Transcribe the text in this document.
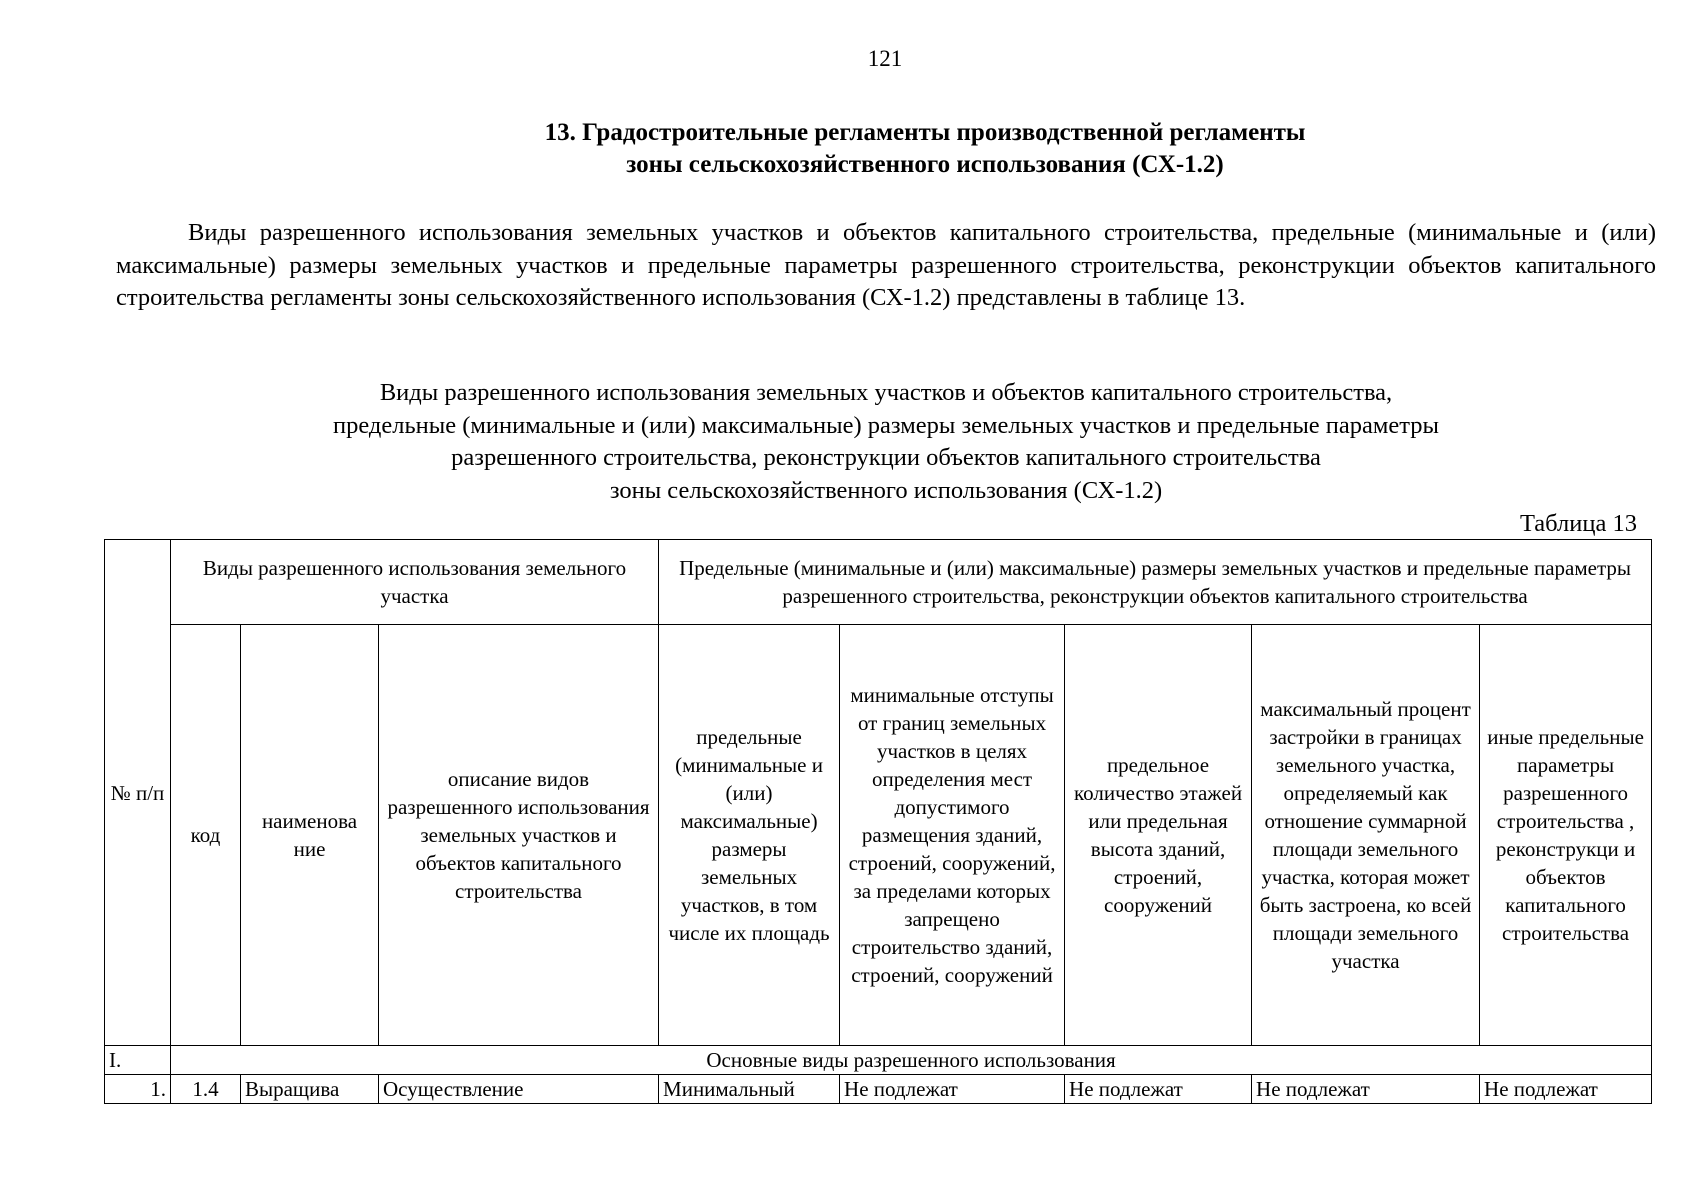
121
13. Градостроительные регламенты производственной регламенты
зоны сельскохозяйственного использования (СХ-1.2)
Виды разрешенного использования земельных участков и объектов капитального строительства, предельные (минимальные и (или) максимальные) размеры земельных участков и предельные параметры разрешенного строительства, реконструкции объектов капитального строительства регламенты зоны сельскохозяйственного использования (СХ-1.2) представлены в таблице 13.
Виды разрешенного использования земельных участков и объектов капитального строительства,
предельные (минимальные и (или) максимальные) размеры земельных участков и предельные параметры
разрешенного строительства, реконструкции объектов капитального строительства
зоны сельскохозяйственного использования (СХ-1.2)
Таблица 13
№ п/п	Виды разрешенного использования земельного участка			Предельные (минимальные и (или) максимальные) размеры земельных участков и предельные параметры разрешенного строительства, реконструкции объектов капитального строительства				
	код	наименова ние	описание видов разрешенного использования земельных участков и объектов капитального строительства	предельные (минимальные и (или) максимальные) размеры земельных участков, в том числе их площадь	минимальные отступы от границ земельных участков в целях определения мест допустимого размещения зданий, строений, сооружений, за пределами которых запрещено строительство зданий, строений, сооружений	предельное количество этажей или предельная высота зданий, строений, сооружений	максимальный процент застройки в границах земельного участка, определяемый как отношение суммарной площади земельного участка, которая может быть застроена, ко всей площади земельного участка	иные предельные параметры разрешенного строительства , реконструкци и объектов капитального строительства
I.	Основные виды разрешенного использования							
1.	1.4	Выращива	Осуществление	Минимальный	Не подлежат	Не подлежат	Не подлежат	Не подлежат
